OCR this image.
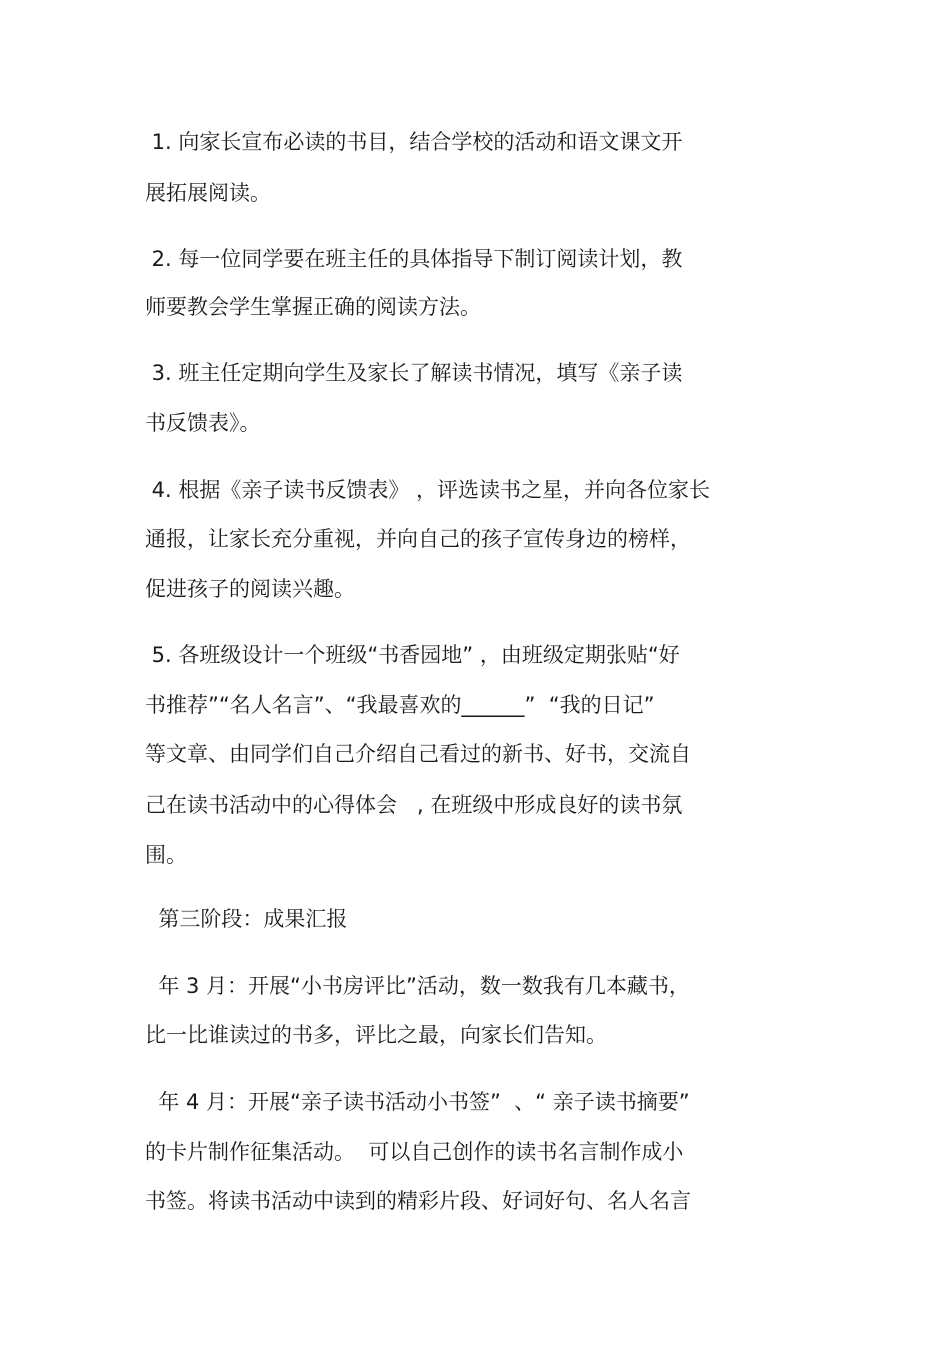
1. 向家长宣布必读的书目，结合学校的活动和语文课文开
展拓展阅读。
2. 每一位同学要在班主任的具体指导下制订阅读计划，教
师要教会学生掌握正确的阅读方法。
3. 班主任定期向学生及家长了解读书情况，填写《亲子读
书反馈表》。
4. 根据《亲子读书反馈表》 ，评选读书之星，并向各位家长
通报，让家长充分重视，并向自己的孩子宣传身边的榜样，
促进孩子的阅读兴趣。
5. 各班级设计一个班级“书香园地” ，由班级定期张贴“好
书推荐”“名人名言”、“我最喜欢的______”  “我的日记”
等文章、由同学们自己介绍自己看过的新书、好书，交流自
己在读书活动中的心得体会   , 在班级中形成良好的读书氛
围。
第三阶段：成果汇报
年 3 月：开展“小书房评比”活动，数一数我有几本藏书，
比一比谁读过的书多，评比之最，向家长们告知。
年 4 月：开展“亲子读书活动小书签”  、“ 亲子读书摘要”
的卡片制作征集活动。  可以自己创作的读书名言制作成小
书签。将读书活动中读到的精彩片段、好词好句、名人名言
